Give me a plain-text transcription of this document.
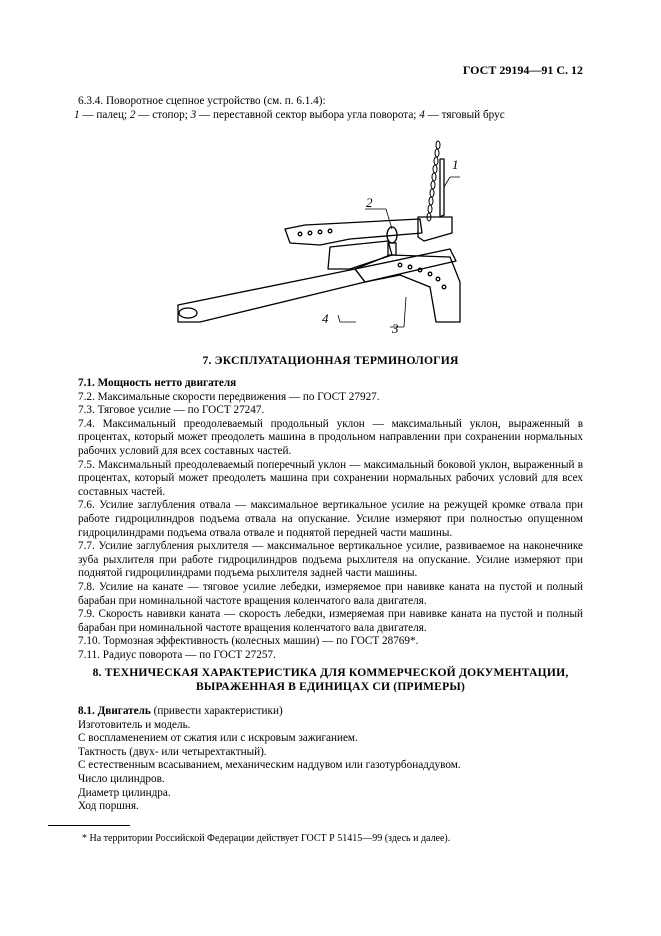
ГОСТ 29194—91 С. 12

6.3.4. Поворотное сцепное устройство (см. п. 6.1.4):

1 — палец; 2 — стопор; 3 — переставной сектор выбора угла поворота; 4 — тяговый брус

1
2
3
4
7. ЭКСПЛУАТАЦИОННАЯ ТЕРМИНОЛОГИЯ

7.1. Мощность нетто двигателя

7.2. Максимальные скорости передвижения — по ГОСТ 27927.

7.3. Тяговое усилие — по ГОСТ 27247.

7.4. Максимальный преодолеваемый продольный уклон — максимальный уклон, выраженный в процентах, который может преодолеть машина в продольном направлении при сохранении нормальных рабочих условий для всех составных частей.

7.5. Максимальный преодолеваемый поперечный уклон — максимальный боковой уклон, выраженный в процентах, который может преодолеть машина при сохранении нормальных рабочих условий для всех составных частей.

7.6. Усилие заглубления отвала — максимальное вертикальное усилие на режущей кромке отвала при работе гидроцилиндров подъема отвала на опускание. Усилие измеряют при полностью опущенном гидроцилиндрами подъема отвала отвале и поднятой передней части машины.

7.7. Усилие заглубления рыхлителя — максимальное вертикальное усилие, развиваемое на наконечнике зуба рыхлителя при работе гидроцилиндров подъема рыхлителя на опускание. Усилие измеряют при поднятой гидроцилиндрами подъема рыхлителя задней части машины.

7.8. Усилие на канате — тяговое усилие лебедки, измеряемое при навивке каната на пустой и полный барабан при номинальной частоте вращения коленчатого вала двигателя.

7.9. Скорость навивки каната — скорость лебедки, измеряемая при навивке каната на пустой и полный барабан при номинальной частоте вращения коленчатого вала двигателя.

7.10. Тормозная эффективность (колесных машин) — по ГОСТ 28769*.

7.11. Радиус поворота — по ГОСТ 27257.

8. ТЕХНИЧЕСКАЯ ХАРАКТЕРИСТИКА ДЛЯ КОММЕРЧЕСКОЙ ДОКУМЕНТАЦИИ,
ВЫРАЖЕННАЯ В ЕДИНИЦАХ СИ (ПРИМЕРЫ)

8.1. Двигатель (привести характеристики)

Изготовитель и модель.

С воспламенением от сжатия или с искровым зажиганием.

Тактность (двух- или четырехтактный).

С естественным всасыванием, механическим наддувом или газотурбонаддувом.

Число цилиндров.

Диаметр цилиндра.

Ход поршня.

* На территории Российской Федерации действует ГОСТ Р 51415—99 (здесь и далее).
